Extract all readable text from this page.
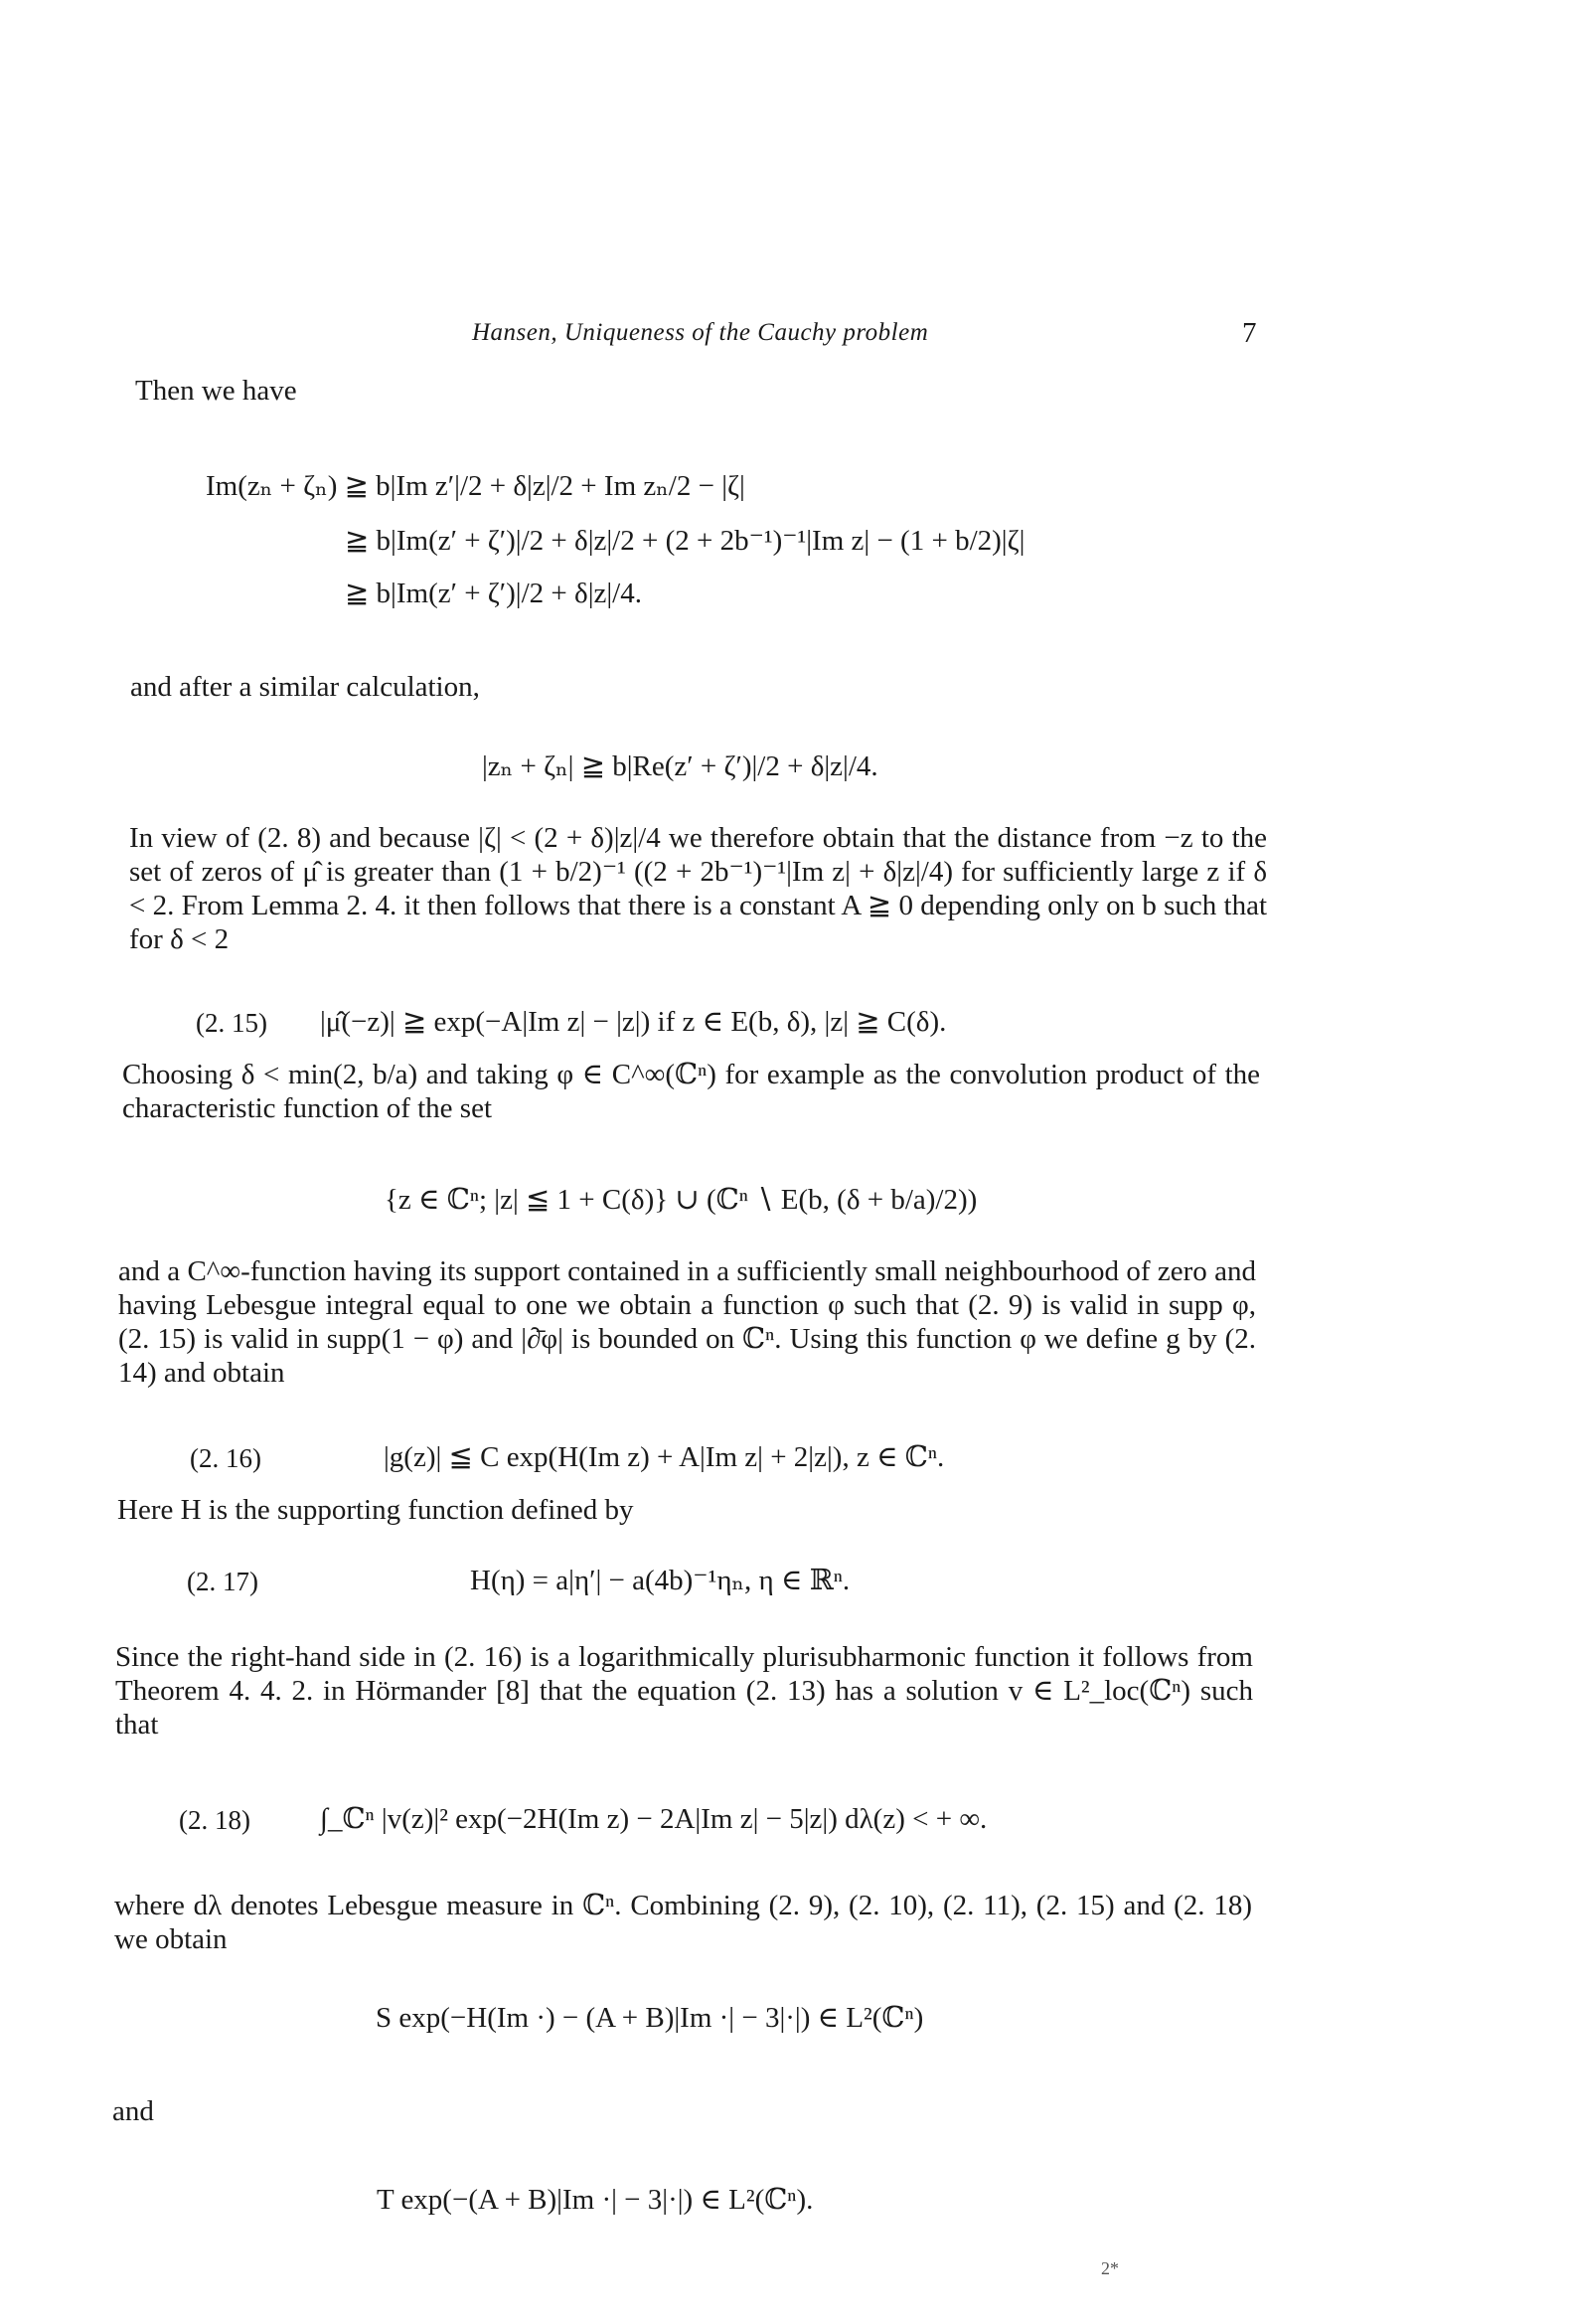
Hansen, Uniqueness of the Cauchy problem	7
Then we have
Im(zₙ + ζₙ) ≧ b|Im z′|/2 + δ|z|/2 + Im zₙ/2 − |ζ|
≧ b|Im(z′ + ζ′)|/2 + δ|z|/2 + (2 + 2b⁻¹)⁻¹|Im z| − (1 + b/2)|ζ|
≧ b|Im(z′ + ζ′)|/2 + δ|z|/4.
and after a similar calculation,
|zₙ + ζₙ| ≧ b|Re(z′ + ζ′)|/2 + δ|z|/4.

In view of (2. 8) and because |ζ| < (2 + δ)|z|/4 we therefore obtain that the distance from −z to the set of zeros of μ̂ is greater than (1 + b/2)⁻¹ ((2 + 2b⁻¹)⁻¹|Im z| + δ|z|/4) for sufficiently large z if δ < 2. From Lemma 2. 4. it then follows that there is a constant A ≧ 0 depending only on b such that for δ < 2

(2. 15) |μ̂(−z)| ≧ exp(−A|Im z| − |z|) if z ∈ E(b, δ), |z| ≧ C(δ).

Choosing δ < min(2, b/a) and taking φ ∈ C^∞(ℂⁿ) for example as the convolution product of the characteristic function of the set

{z ∈ ℂⁿ; |z| ≦ 1 + C(δ)} ∪ (ℂⁿ ∖ E(b, (δ + b/a)/2))

and a C^∞-function having its support contained in a sufficiently small neighbourhood of zero and having Lebesgue integral equal to one we obtain a function φ such that (2. 9) is valid in supp φ, (2. 15) is valid in supp(1 − φ) and |∂̄φ| is bounded on ℂⁿ. Using this function φ we define g by (2. 14) and obtain

(2. 16)	|g(z)| ≦ C exp(H(Im z) + A|Im z| + 2|z|), z ∈ ℂⁿ.
Here H is the supporting function defined by
(2. 17)	H(η) = a|η′| − a(4b)⁻¹ηₙ, η ∈ ℝⁿ.

Since the right-hand side in (2. 16) is a logarithmically plurisubharmonic function it follows from Theorem 4. 4. 2. in Hörmander [8] that the equation (2. 13) has a solution v ∈ L²_loc(ℂⁿ) such that

(2. 18) ∫_ℂⁿ |v(z)|² exp(−2H(Im z) − 2A|Im z| − 5|z|) dλ(z) < + ∞.

where dλ denotes Lebesgue measure in ℂⁿ. Combining (2. 9), (2. 10), (2. 11), (2. 15) and (2. 18) we obtain

S exp(−H(Im ·) − (A + B)|Im ·| − 3|·|) ∈ L²(ℂⁿ)
and
T exp(−(A + B)|Im ·| − 3|·|) ∈ L²(ℂⁿ).
2*
